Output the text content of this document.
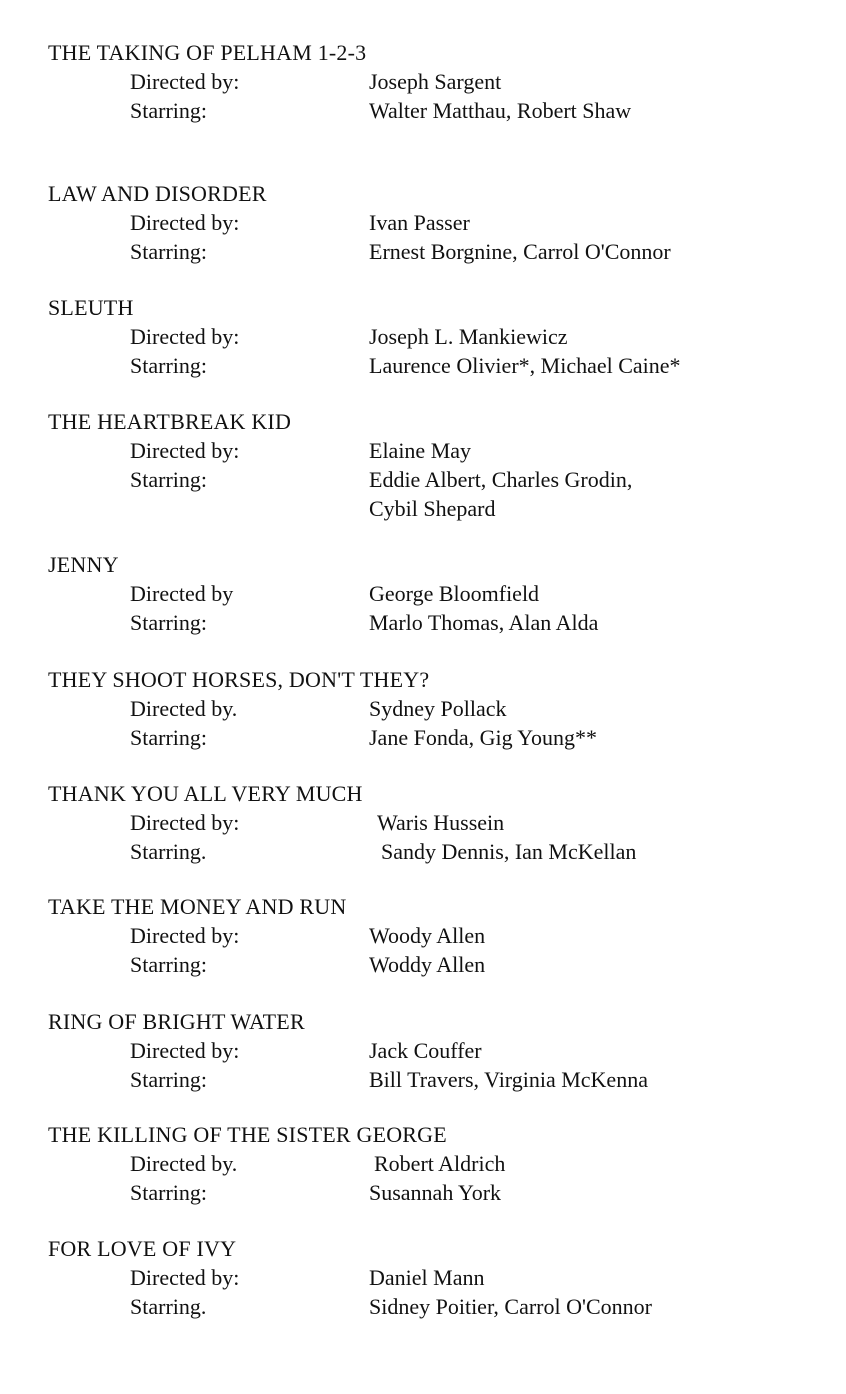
THE TAKING OF PELHAM 1-2-3
Directed by:	Joseph Sargent
Starring:	Walter Matthau, Robert Shaw
LAW AND DISORDER
Directed by:	Ivan Passer
Starring:	Ernest Borgnine, Carrol O'Connor
SLEUTH
Directed by:	Joseph L. Mankiewicz
Starring:	Laurence Olivier*, Michael Caine*
THE HEARTBREAK KID
Directed by:	Elaine May
Starring:	Eddie Albert, Charles Grodin,
Cybil Shepard
JENNY
Directed by	George Bloomfield
Starring:	Marlo Thomas, Alan Alda
THEY SHOOT HORSES, DON'T THEY?
Directed by.	Sydney Pollack
Starring:	Jane Fonda, Gig Young**
THANK YOU ALL VERY MUCH
Directed by:	Waris Hussein
Starring.	Sandy Dennis, Ian McKellan
TAKE THE MONEY AND RUN
Directed by:	Woody Allen
Starring:	Woddy Allen
RING OF BRIGHT WATER
Directed by:	Jack Couffer
Starring:	Bill Travers, Virginia McKenna
THE KILLING OF THE SISTER GEORGE
Directed by.	Robert Aldrich
Starring:	Susannah York
FOR LOVE OF IVY
Directed by:	Daniel Mann
Starring.	Sidney Poitier, Carrol O'Connor
